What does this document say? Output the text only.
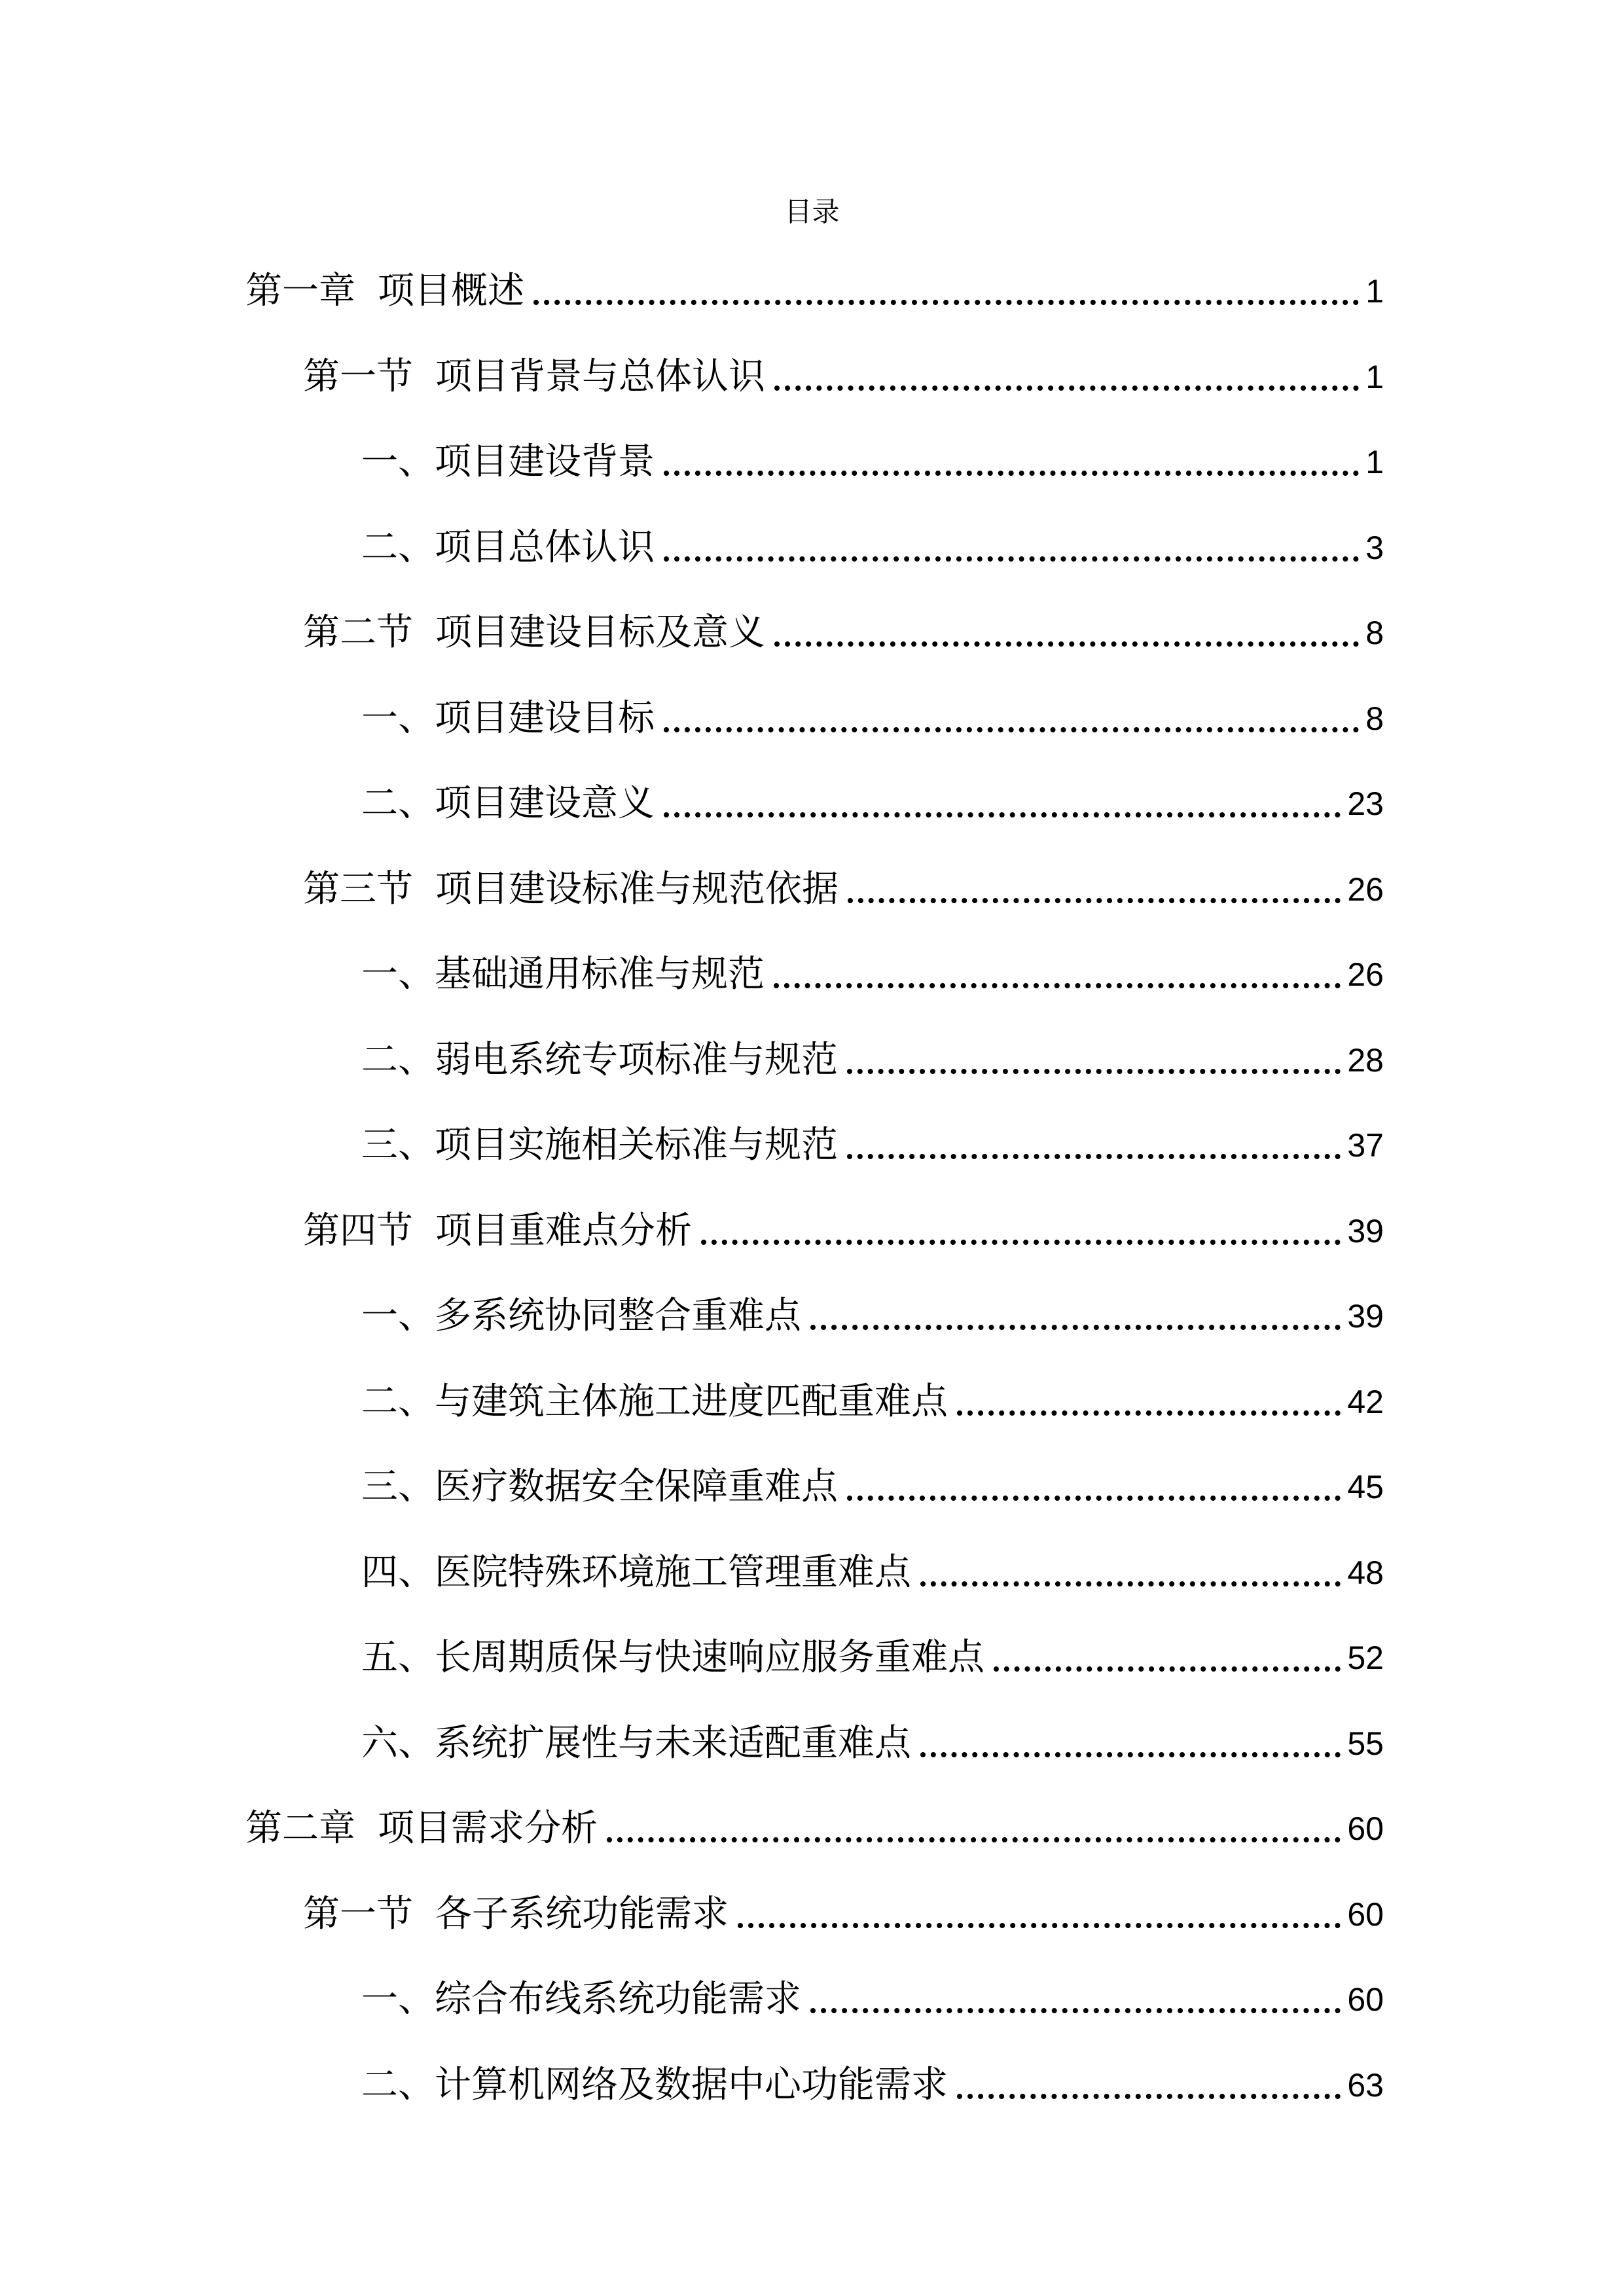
目录
第一章 项目概述	1
第一节 项目背景与总体认识	1
一、项目建设背景	1
二、项目总体认识	3
第二节 项目建设目标及意义	8
一、项目建设目标	8
二、项目建设意义	23
第三节 项目建设标准与规范依据	26
一、基础通用标准与规范	26
二、弱电系统专项标准与规范	28
三、项目实施相关标准与规范	37
第四节 项目重难点分析	39
一、多系统协同整合重难点	39
二、与建筑主体施工进度匹配重难点	42
三、医疗数据安全保障重难点	45
四、医院特殊环境施工管理重难点	48
五、长周期质保与快速响应服务重难点	52
六、系统扩展性与未来适配重难点	55
第二章 项目需求分析	60
第一节 各子系统功能需求	60
一、综合布线系统功能需求	60
二、计算机网络及数据中心功能需求	63
